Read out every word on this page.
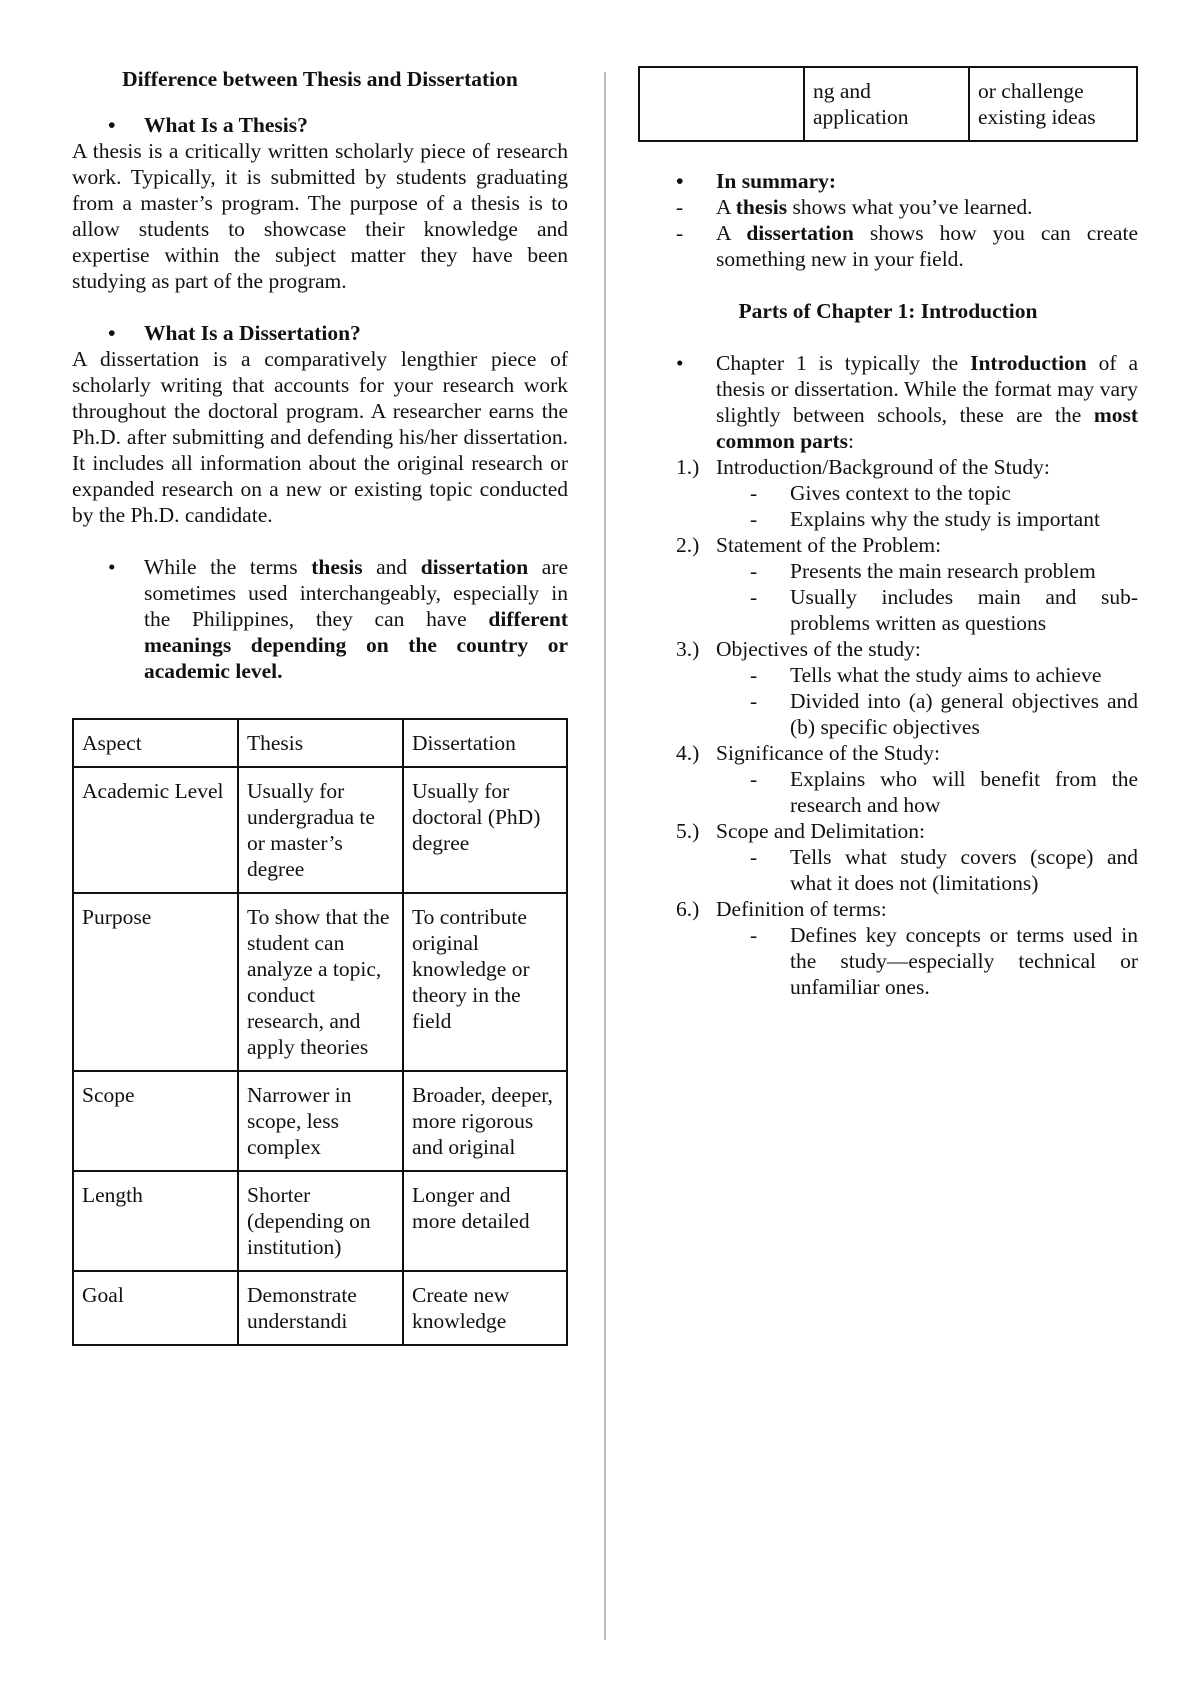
Difference between Thesis and Dissertation
• What Is a Thesis?

A thesis is a critically written scholarly piece of research work. Typically, it is submitted by students graduating from a master’s program. The purpose of a thesis is to allow students to showcase their knowledge and expertise within the subject matter they have been studying as part of the program.

• What Is a Dissertation?

A dissertation is a comparatively lengthier piece of scholarly writing that accounts for your research work throughout the doctoral program. A researcher earns the Ph.D. after submitting and defending his/her dissertation. It includes all information about the original research or expanded research on a new or existing topic conducted by the Ph.D. candidate.

• While the terms thesis and dissertation are sometimes used interchangeably, especially in the Philippines, they can have different meanings depending on the country or academic level.
Aspect	Thesis	Dissertation
Academic Level	Usually for undergradua te or master’s degree	Usually for doctoral (PhD) degree
Purpose	To show that the student can analyze a topic, conduct research, and apply theories	To contribute original knowledge or theory in the field
Scope	Narrower in scope, less complex	Broader, deeper, more rigorous and original
Length	Shorter (depending on institution)	Longer and more detailed
Goal	Demonstrate understandi	Create new knowledge
	ng and application	or challenge existing ideas
• In summary:
- A thesis shows what you’ve learned.
- A dissertation shows how you can create something new in your field.
Parts of Chapter 1: Introduction
• Chapter 1 is typically the Introduction of a thesis or dissertation. While the format may vary slightly between schools, these are the most common parts:
1.) Introduction/Background of the Study:
- Gives context to the topic
- Explains why the study is important
2.) Statement of the Problem:
- Presents the main research problem
- Usually includes main and sub-problems written as questions
3.) Objectives of the study:
- Tells what the study aims to achieve
- Divided into (a) general objectives and (b) specific objectives
4.) Significance of the Study:
- Explains who will benefit from the research and how
5.) Scope and Delimitation:
- Tells what study covers (scope) and what it does not (limitations)
6.) Definition of terms:
- Defines key concepts or terms used in the study—especially technical or unfamiliar ones.
